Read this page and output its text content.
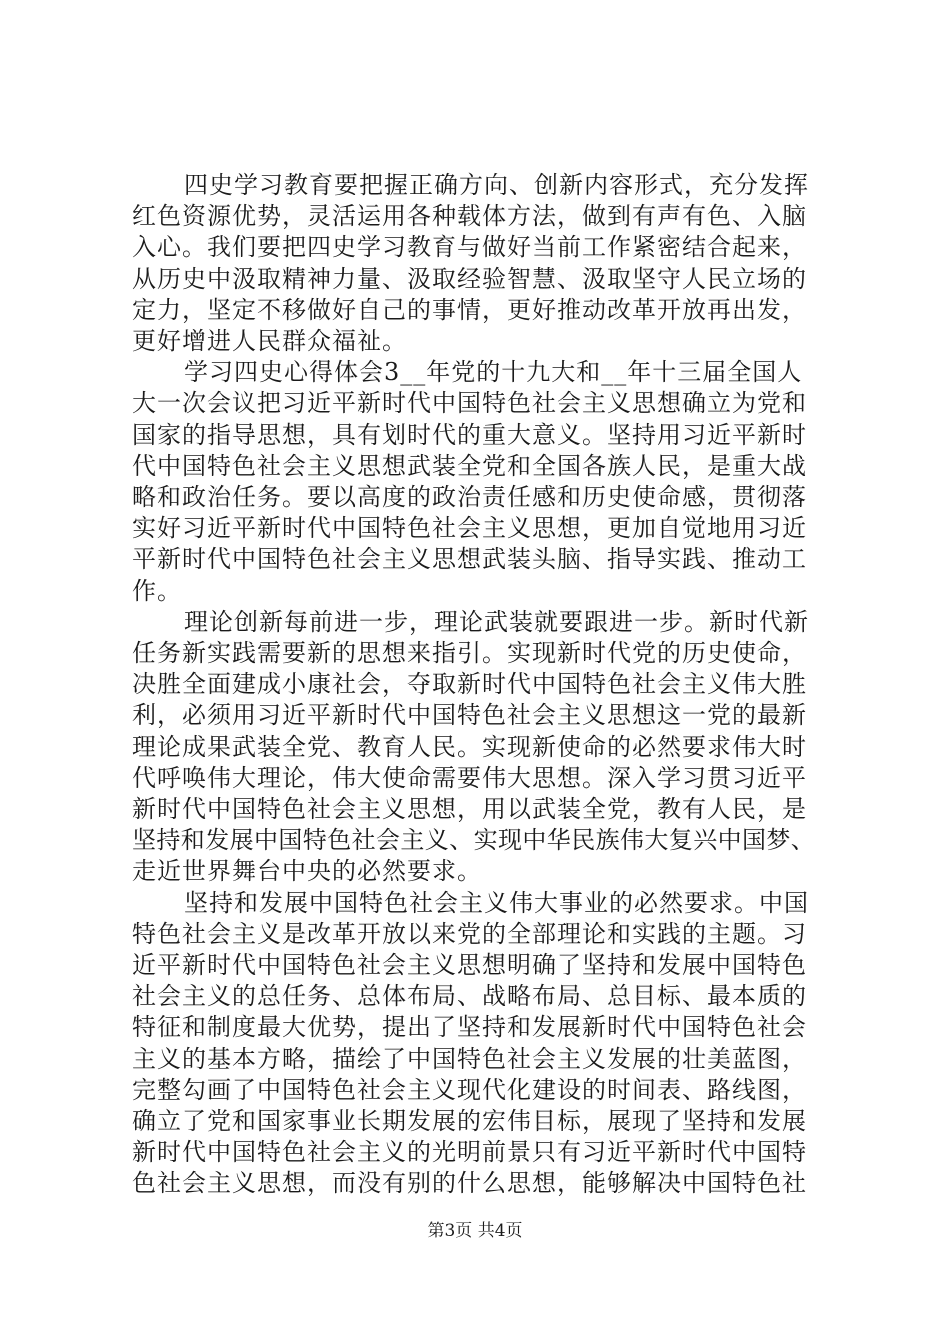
四史学习教育要把握正确方向、创新内容形式，充分发挥
红色资源优势，灵活运用各种载体方法，做到有声有色、入脑
入心。我们要把四史学习教育与做好当前工作紧密结合起来，
从历史中汲取精神力量、汲取经验智慧、汲取坚守人民立场的
定力，坚定不移做好自己的事情，更好推动改革开放再出发，
更好增进人民群众福祉。
学习四史心得体会3__年党的十九大和__年十三届全国人
大一次会议把习近平新时代中国特色社会主义思想确立为党和
国家的指导思想，具有划时代的重大意义。坚持用习近平新时
代中国特色社会主义思想武装全党和全国各族人民，是重大战
略和政治任务。要以高度的政治责任感和历史使命感，贯彻落
实好习近平新时代中国特色社会主义思想，更加自觉地用习近
平新时代中国特色社会主义思想武装头脑、指导实践、推动工
作。
理论创新每前进一步，理论武装就要跟进一步。新时代新
任务新实践需要新的思想来指引。实现新时代党的历史使命，
决胜全面建成小康社会，夺取新时代中国特色社会主义伟大胜
利，必须用习近平新时代中国特色社会主义思想这一党的最新
理论成果武装全党、教育人民。实现新使命的必然要求伟大时
代呼唤伟大理论，伟大使命需要伟大思想。深入学习贯习近平
新时代中国特色社会主义思想，用以武装全党，教有人民，是
坚持和发展中国特色社会主义、实现中华民族伟大复兴中国梦、
走近世界舞台中央的必然要求。
坚持和发展中国特色社会主义伟大事业的必然要求。中国
特色社会主义是改革开放以来党的全部理论和实践的主题。习
近平新时代中国特色社会主义思想明确了坚持和发展中国特色
社会主义的总任务、总体布局、战略布局、总目标、最本质的
特征和制度最大优势，提出了坚持和发展新时代中国特色社会
主义的基本方略，描绘了中国特色社会主义发展的壮美蓝图，
完整勾画了中国特色社会主义现代化建设的时间表、路线图，
确立了党和国家事业长期发展的宏伟目标，展现了坚持和发展
新时代中国特色社会主义的光明前景只有习近平新时代中国特
色社会主义思想，而没有别的什么思想，能够解决中国特色社
第3页 共4页
